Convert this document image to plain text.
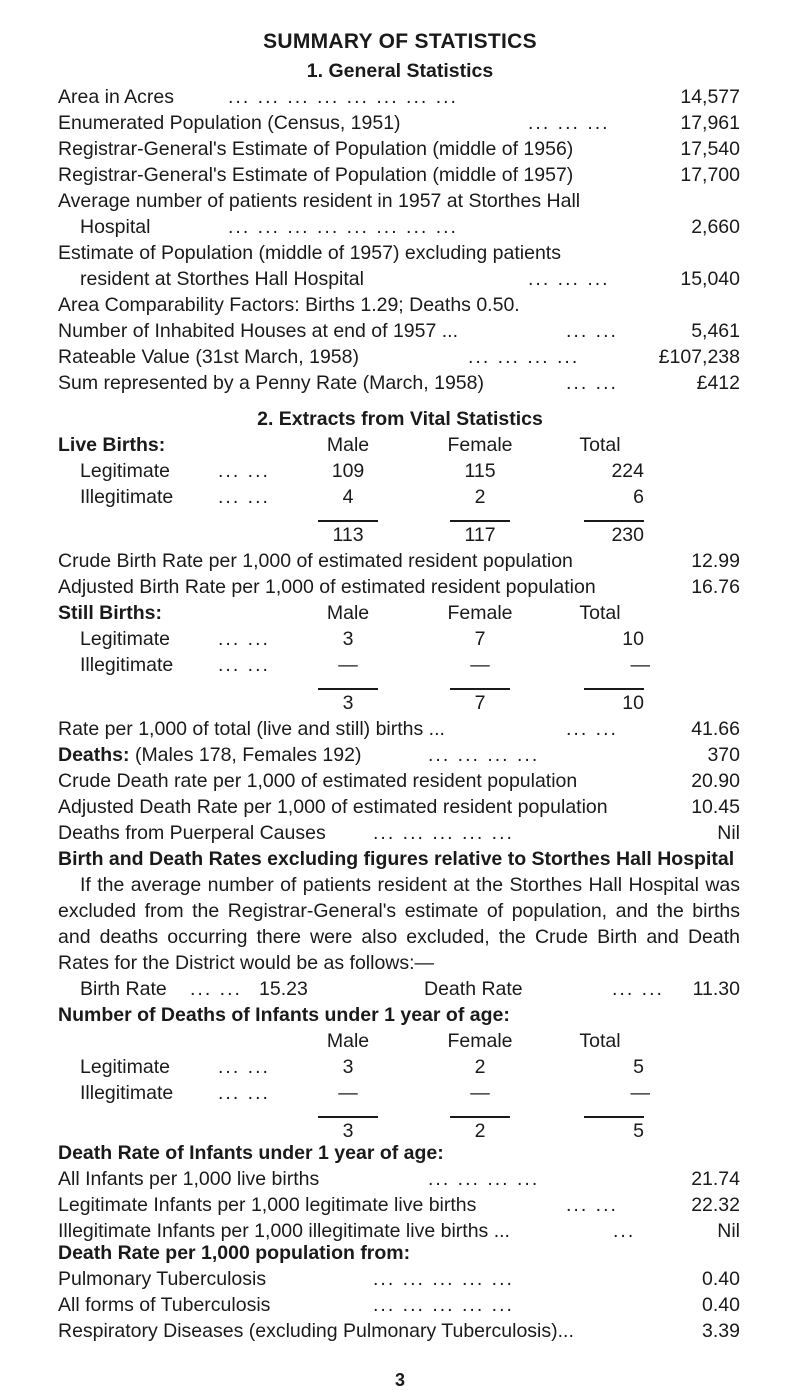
SUMMARY OF STATISTICS
1. General Statistics
Area in Acres	... ... ... ... ... ... ... ...	14,577
Enumerated Population (Census, 1951)	... ... ...	17,961
Registrar-General's Estimate of Population (middle of 1956)	17,540
Registrar-General's Estimate of Population (middle of 1957)	17,700
Average number of patients resident in 1957 at Storthes Hall
Hospital	... ... ... ... ... ... ... ...	2,660
Estimate of Population (middle of 1957) excluding patients
resident at Storthes Hall Hospital	... ... ...	15,040
Area Comparability Factors: Births 1.29; Deaths 0.50.
Number of Inhabited Houses at end of 1957 ...	... ...	5,461
Rateable Value (31st March, 1958)	... ... ... ...	£107,238
Sum represented by a Penny Rate (March, 1958)	... ...	£412
2. Extracts from Vital Statistics
Live Births:	Male	Female	Total
Legitimate ... ...	109	115	224
Illegitimate ... ...	4	2	6
113	117	230
Crude Birth Rate per 1,000 of estimated resident population	12.99
Adjusted Birth Rate per 1,000 of estimated resident population	16.76
Still Births:	Male	Female	Total
Legitimate ... ...	3	7	10
Illegitimate ... ...	—	—	—
3	7	10
Rate per 1,000 of total (live and still) births ...	... ...	41.66
Deaths: (Males 178, Females 192)	... ... ... ...	370
Crude Death rate per 1,000 of estimated resident population	20.90
Adjusted Death Rate per 1,000 of estimated resident population	10.45
Deaths from Puerperal Causes ... ... ... ... ...	Nil
Birth and Death Rates excluding figures relative to Storthes Hall Hospital
If the average number of patients resident at the Storthes Hall Hospital was excluded from the Registrar-General's estimate of population, and the births and deaths occurring there were also excluded, the Crude Birth and Death Rates for the District would be as follows:—
Birth Rate ... ... 15.23	Death Rate	... ... 11.30
Number of Deaths of Infants under 1 year of age:
Male	Female	Total
Legitimate ... ...	3	2	5
Illegitimate ... ...	—	—	—
3	2	5
Death Rate of Infants under 1 year of age:
All Infants per 1,000 live births	... ... ... ...	21.74
Legitimate Infants per 1,000 legitimate live births	... ...	22.32
Illegitimate Infants per 1,000 illegitimate live births ...	...	Nil
Death Rate per 1,000 population from:
Pulmonary Tuberculosis	... ... ... ... ...	0.40
All forms of Tuberculosis	... ... ... ... ...	0.40
Respiratory Diseases (excluding Pulmonary Tuberculosis)...	3.39
3
